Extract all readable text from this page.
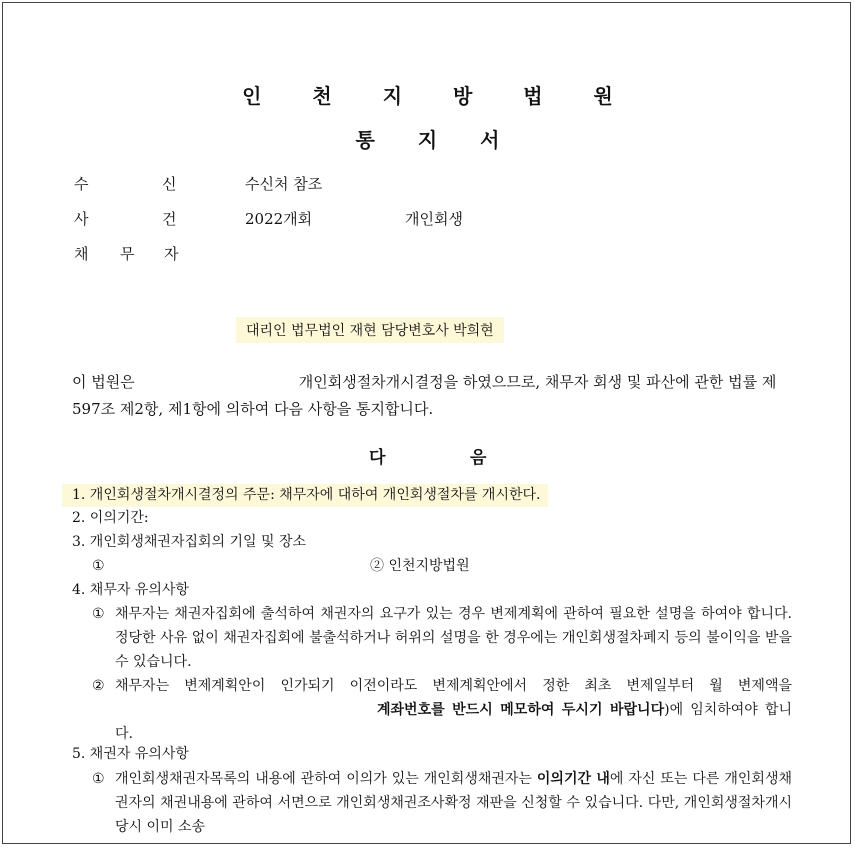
인 천 지 방 법 원
통 지 서
수	신	수신처 참조
사	건	2022개회	개인회생
채 무 자
대리인 법무법인 재현 담당변호사 박희현
이 법원은	개인회생절차개시결정을 하였으므로, 채무자 회생 및 파산에 관한 법률 제597조 제2항, 제1항에 의하여 다음 사항을 통지합니다.
다	음
1. 개인회생절차개시결정의 주문: 채무자에 대하여 개인회생절차를 개시한다.
2. 이의기간:
3. 개인회생채권자집회의 기일 및 장소
①	② 인천지방법원
4. 채무자 유의사항
① 채무자는 채권자집회에 출석하여 채권자의 요구가 있는 경우 변제계획에 관하여 필요한 설명을 하여야 합니다. 정당한 사유 없이 채권자집회에 불출석하거나 허위의 설명을 한 경우에는 개인회생절차폐지 등의 불이익을 받을 수 있습니다.
② 채무자는 변제계획안이 인가되기 이전이라도 변제계획안에서 정한 최초 변제일부터 월 변제액을계좌번호를 반드시 메모하여 두시기 바랍니다)에 임치하여야 합니다.
5. 채권자 유의사항
① 개인회생채권자목록의 내용에 관하여 이의가 있는 개인회생채권자는 이의기간 내에 자신 또는 다른 개인회생채권자의 채권내용에 관하여 서면으로 개인회생채권조사확정 재판을 신청할 수 있습니다. 다만, 개인회생절차개시 당시 이미 소송
